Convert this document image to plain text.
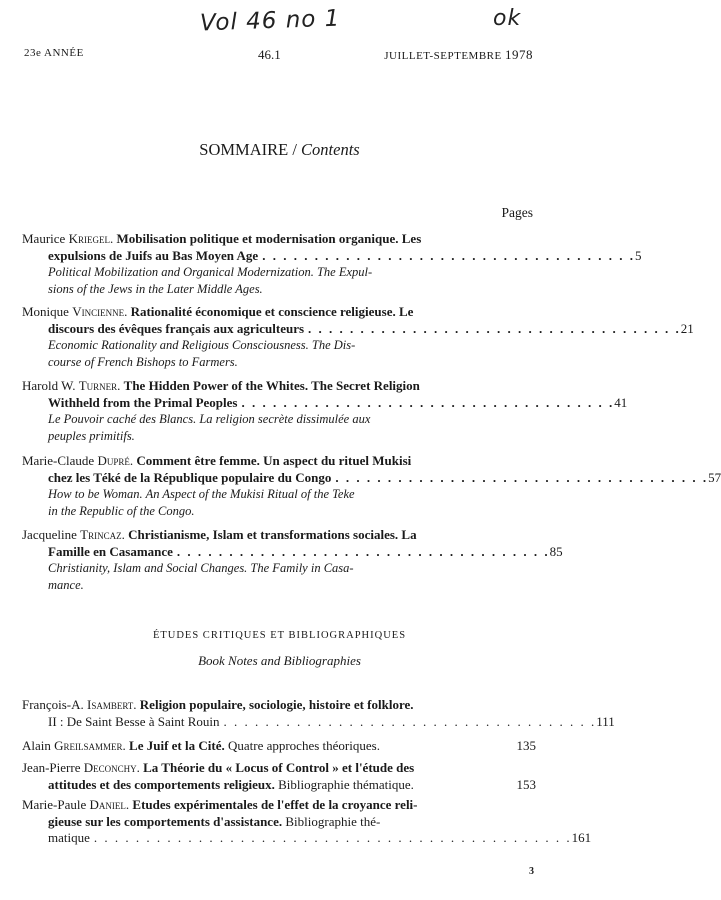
Vol 46 no 1	ok
23e ANNÉE	46.1	JUILLET-SEPTEMBRE 1978
SOMMAIRE / Contents
Pages
Maurice Kriegel. Mobilisation politique et modernisation organique. Les
expulsions de Juifs au Bas Moyen Age . . . . . . . . . . . . . . . . . . . . . . . . . . . . . . . . . . . . 5
Political Mobilization and Organical Modernization. The Expul-
sions of the Jews in the Later Middle Ages.
Monique Vincienne. Rationalité économique et conscience religieuse. Le
discours des évêques français aux agriculteurs . . . . . . . . . . . . . . . . . . . . . . . . . . . . . . . . . . . . 21
Economic Rationality and Religious Consciousness. The Dis-
course of French Bishops to Farmers.
Harold W. Turner. The Hidden Power of the Whites. The Secret Religion
Withheld from the Primal Peoples . . . . . . . . . . . . . . . . . . . . . . . . . . . . . . . . . . . . 41
Le Pouvoir caché des Blancs. La religion secrète dissimulée aux
peuples primitifs.
Marie-Claude Dupré. Comment être femme. Un aspect du rituel Mukisi
chez les Téké de la République populaire du Congo . . . . . . . . . . . . . . . . . . . . . . . . . . . . . . . . . . . . 57
How to be Woman. An Aspect of the Mukisi Ritual of the Teke
in the Republic of the Congo.
Jacqueline Trincaz. Christianisme, Islam et transformations sociales. La
Famille en Casamance . . . . . . . . . . . . . . . . . . . . . . . . . . . . . . . . . . . . 85
Christianity, Islam and Social Changes. The Family in Casa-
mance.
ÉTUDES CRITIQUES ET BIBLIOGRAPHIQUES
Book Notes and Bibliographies
François-A. Isambert. Religion populaire, sociologie, histoire et folklore.
II : De Saint Besse à Saint Rouin . . . . . . . . . . . . . . . . . . . . . . . . . . . . . . . . . . . . 111
Alain Greilsammer. Le Juif et la Cité. Quatre approches théoriques.	135
Jean-Pierre Deconchy. La Théorie du « Locus of Control » et l'étude des
attitudes et des comportements religieux. Bibliographie thématique.	153
Marie-Paule Daniel. Etudes expérimentales de l'effet de la croyance reli-
gieuse sur les comportements d'assistance. Bibliographie thé-
matique . . . . . . . . . . . . . . . . . . . . . . . . . . . . . . . . . . . . . . . . . . . . . . 161
3
